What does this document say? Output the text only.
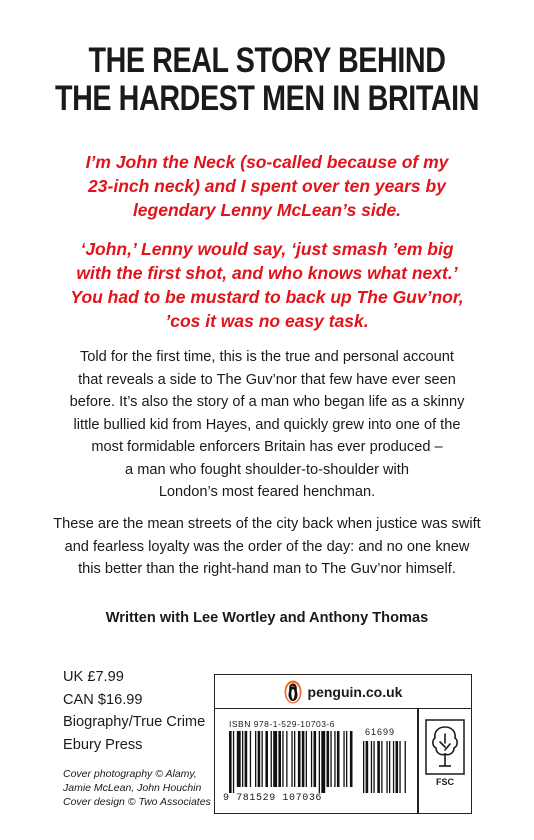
THE REAL STORY BEHIND
THE HARDEST MEN IN BRITAIN
I’m John the Neck (so-called because of my
23-inch neck) and I spent over ten years by
legendary Lenny McLean’s side.
‘John,’ Lenny would say, ‘just smash ’em big
with the first shot, and who knows what next.’
You had to be mustard to back up The Guv’nor,
’cos it was no easy task.
Told for the first time, this is the true and personal account
that reveals a side to The Guv’nor that few have ever seen
before. It’s also the story of a man who began life as a skinny
little bullied kid from Hayes, and quickly grew into one of the
most formidable enforcers Britain has ever produced –
a man who fought shoulder-to-shoulder with
London’s most feared henchman.
These are the mean streets of the city back when justice was swift
and fearless loyalty was the order of the day: and no one knew
this better than the right-hand man to The Guv’nor himself.
Written with Lee Wortley and Anthony Thomas
UK £7.99
CAN $16.99
Biography/True Crime
Ebury Press
Cover photography © Alamy,
Jamie McLean, John Houchin
Cover design © Two Associates
penguin.co.uk
ISBN 978-1-529-10703-6
61699
9 781529 107036
FSC
